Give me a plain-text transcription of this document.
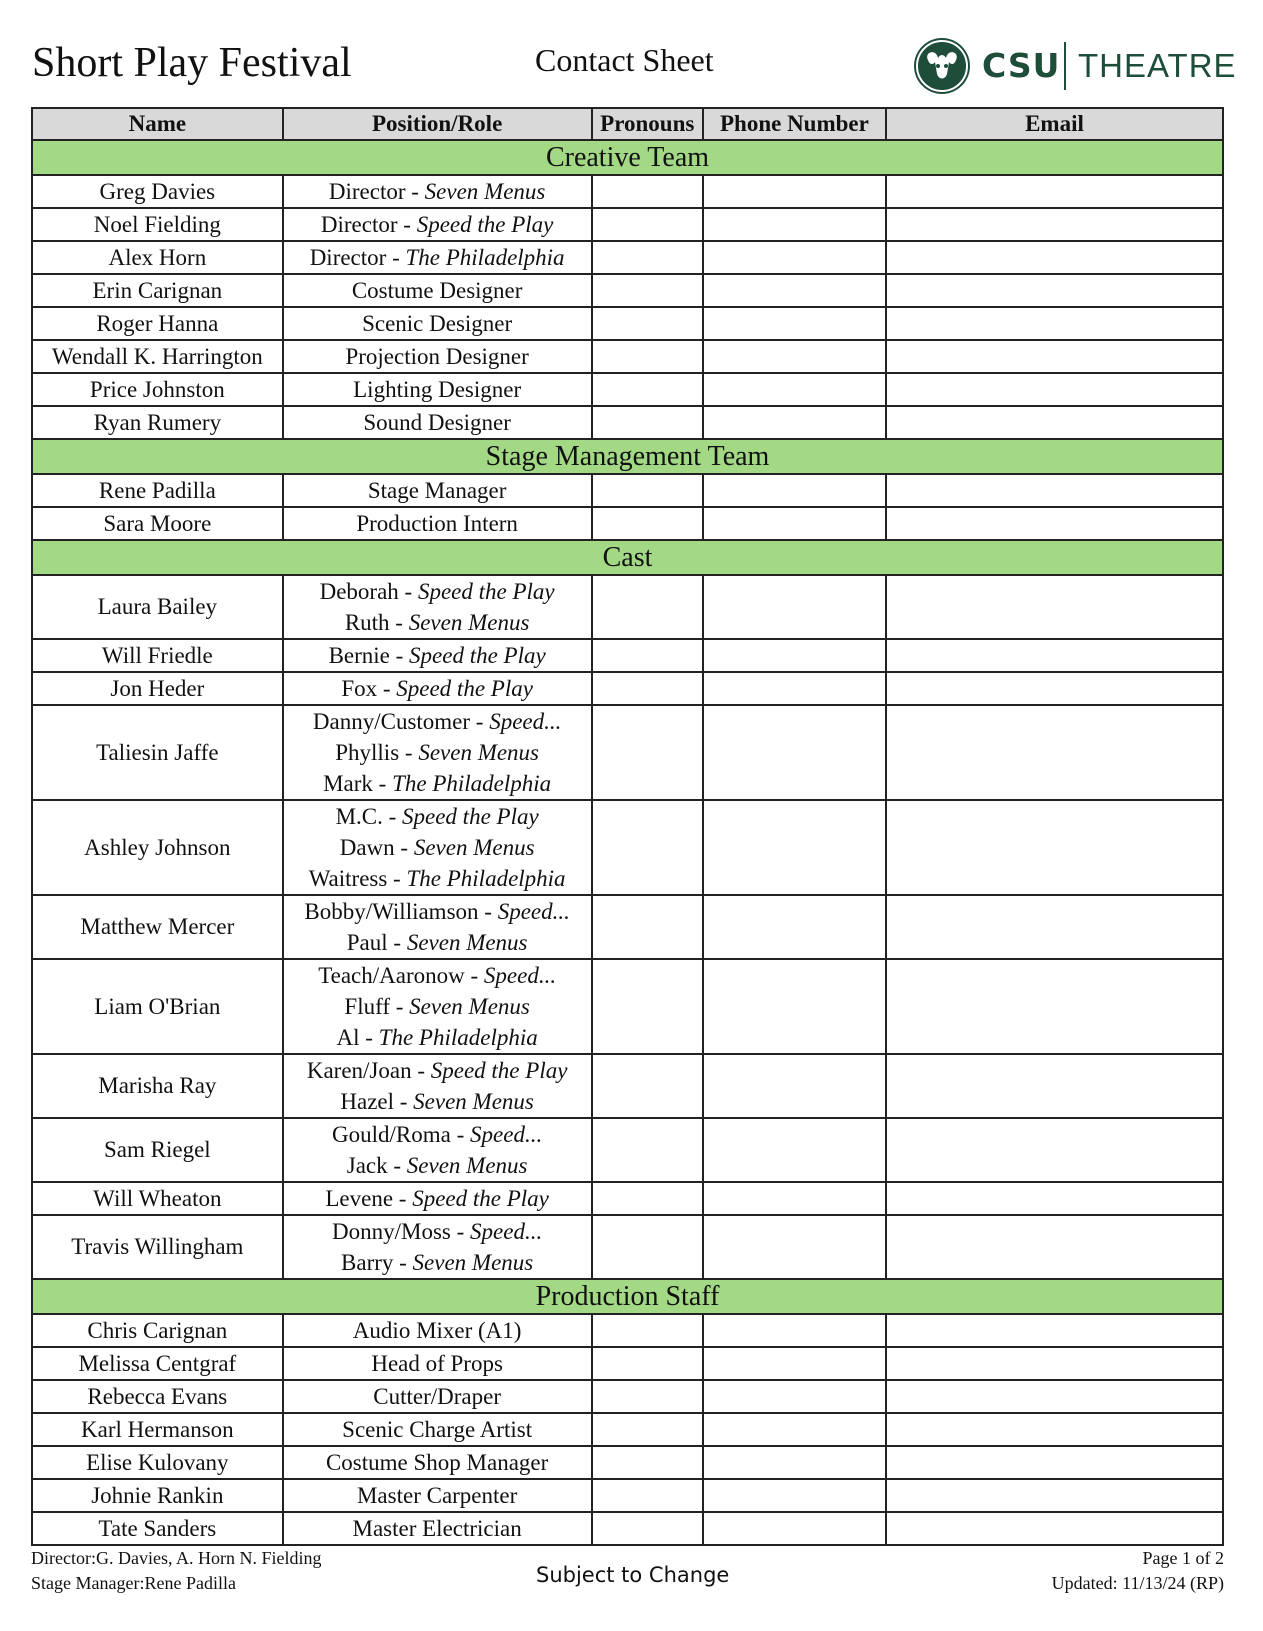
Short Play Festival	Contact Sheet	CSU THEATRE
Name	Position/Role	Pronouns	Phone Number	Email
Creative Team				
Greg Davies	Director - Seven Menus			

Noel Fielding	Director - Speed the Play			

Alex Horn	Director - The Philadelphia			

Erin Carignan	Costume Designer			

Roger Hanna	Scenic Designer			

Wendall K. Harrington	Projection Designer			

Price Johnston	Lighting Designer			

Ryan Rumery	Sound Designer			

Stage Management Team				
Rene Padilla	Stage Manager			

Sara Moore	Production Intern			

Cast				
Laura Bailey	Deborah - Speed the Play
Ruth - Seven Menus			

Will Friedle	Bernie - Speed the Play			

Jon Heder	Fox - Speed the Play			

Taliesin Jaffe	Danny/Customer - Speed...
Phyllis - Seven Menus
Mark - The Philadelphia			

Ashley Johnson	M.C. - Speed the Play
Dawn - Seven Menus
Waitress - The Philadelphia			

Matthew Mercer	Bobby/Williamson - Speed...
Paul - Seven Menus			

Liam O'Brian	Teach/Aaronow - Speed...
Fluff - Seven Menus
Al - The Philadelphia			

Marisha Ray	Karen/Joan - Speed the Play
Hazel - Seven Menus			

Sam Riegel	Gould/Roma - Speed...
Jack - Seven Menus			

Will Wheaton	Levene - Speed the Play			

Travis Willingham	Donny/Moss - Speed...
Barry - Seven Menus			

Production Staff				
Chris Carignan	Audio Mixer (A1)			

Melissa Centgraf	Head of Props			

Rebecca Evans	Cutter/Draper			

Karl Hermanson	Scenic Charge Artist			

Elise Kulovany	Costume Shop Manager			

Johnie Rankin	Master Carpenter			

Tate Sanders	Master Electrician			

Director:G. Davies, A. Horn N. Fielding
Stage Manager:Rene Padilla	Subject to Change
Page 1 of 2
Updated: 11/13/24 (RP)
